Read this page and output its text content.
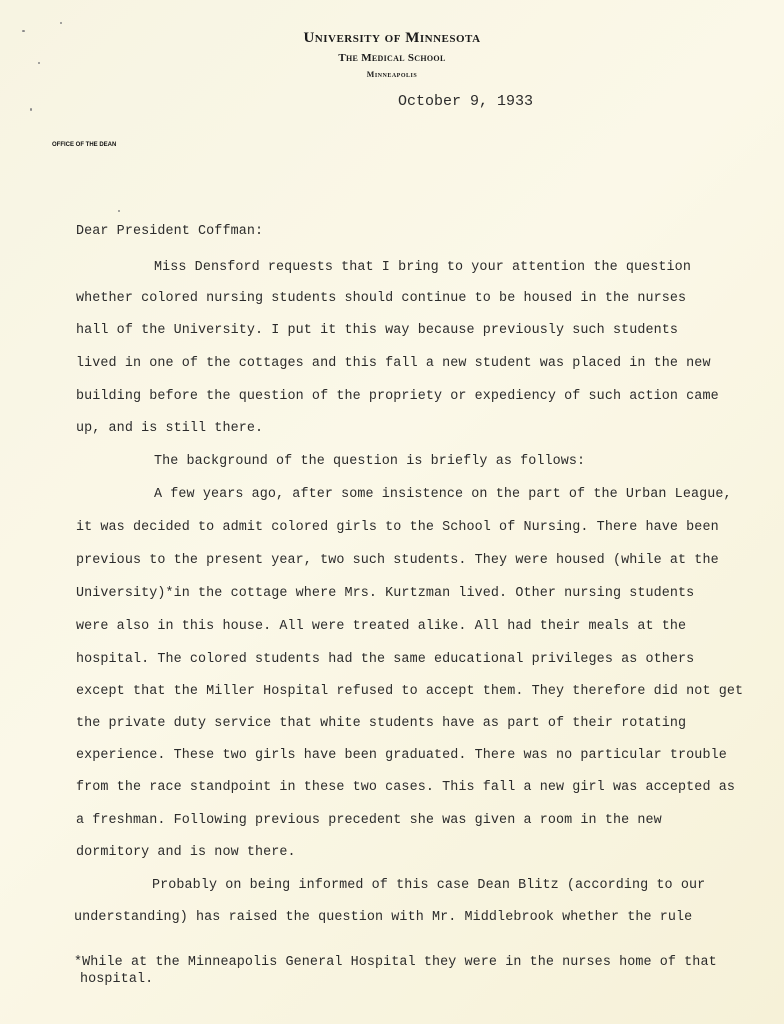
University of Minnesota
The Medical School
Minneapolis
October 9, 1933
OFFICE OF THE DEAN
Dear President Coffman:
Miss Densford requests that I bring to your attention the question
whether colored nursing students should continue to be housed in the nurses
hall of the University. I put it this way because previously such students
lived in one of the cottages and this fall a new student was placed in the new
building before the question of the propriety or expediency of such action came
up, and is still there.
The background of the question is briefly as follows:
A few years ago, after some insistence on the part of the Urban League,
it was decided to admit colored girls to the School of Nursing. There have been
previous to the present year, two such students. They were housed (while at the
University)*in the cottage where Mrs. Kurtzman lived. Other nursing students
were also in this house. All were treated alike. All had their meals at the
hospital. The colored students had the same educational privileges as others
except that the Miller Hospital refused to accept them. They therefore did not get
the private duty service that white students have as part of their rotating
experience. These two girls have been graduated. There was no particular trouble
from the race standpoint in these two cases. This fall a new girl was accepted as
a freshman. Following previous precedent she was given a room in the new
dormitory and is now there.
Probably on being informed of this case Dean Blitz (according to our
understanding) has raised the question with Mr. Middlebrook whether the rule
*While at the Minneapolis General Hospital they were in the nurses home of that
hospital.
